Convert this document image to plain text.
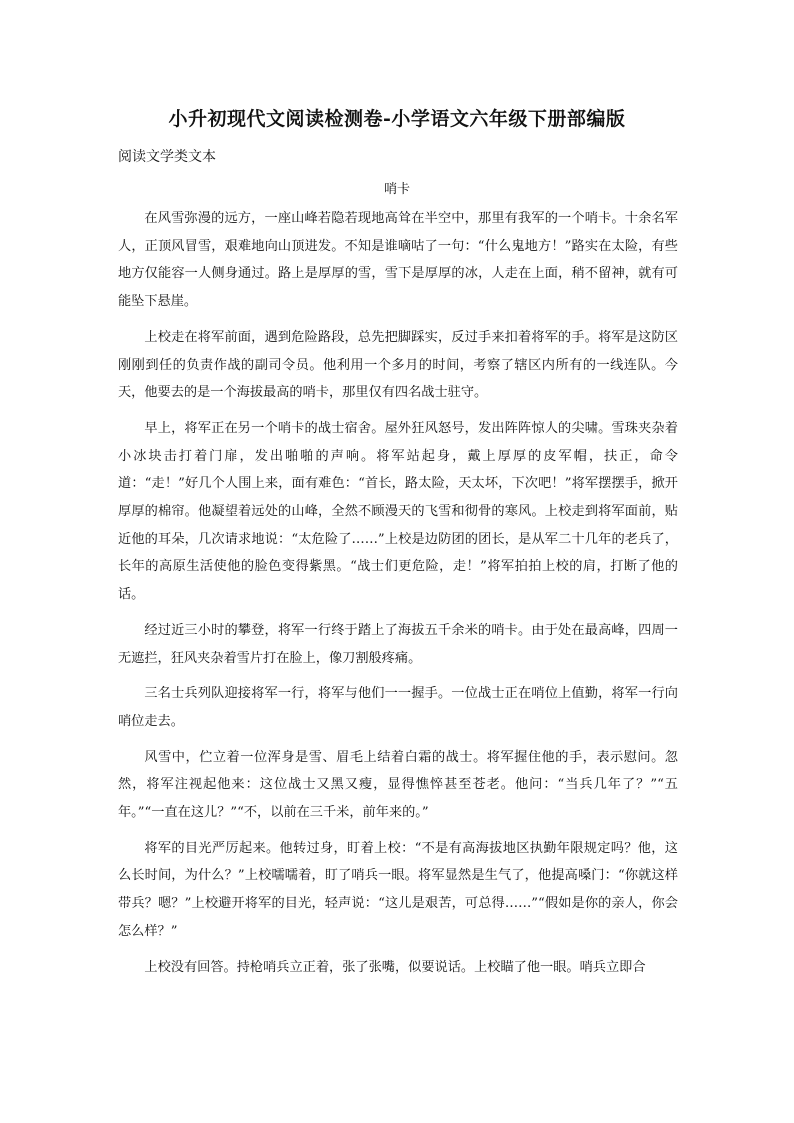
小升初现代文阅读检测卷-小学语文六年级下册部编版
阅读文学类文本
哨卡

在风雪弥漫的远方，一座山峰若隐若现地高耸在半空中，那里有我军的一个哨卡。十余名军人，正顶风冒雪，艰难地向山顶进发。不知是谁嘀咕了一句：“什么鬼地方！”路实在太险，有些地方仅能容一人侧身通过。路上是厚厚的雪，雪下是厚厚的冰，人走在上面，稍不留神，就有可能坠下悬崖。

上校走在将军前面，遇到危险路段，总先把脚踩实，反过手来扣着将军的手。将军是这防区刚刚到任的负责作战的副司令员。他利用一个多月的时间，考察了辖区内所有的一线连队。今天，他要去的是一个海拔最高的哨卡，那里仅有四名战士驻守。

早上，将军正在另一个哨卡的战士宿舍。屋外狂风怒号，发出阵阵惊人的尖啸。雪珠夹杂着小冰块击打着门扉，发出啪啪的声响。将军站起身，戴上厚厚的皮军帽，扶正，命令道：“走！”好几个人围上来，面有难色：“首长，路太险，天太坏，下次吧！”将军摆摆手，掀开厚厚的棉帘。他凝望着远处的山峰，全然不顾漫天的飞雪和彻骨的寒风。上校走到将军面前，贴近他的耳朵，几次请求地说：“太危险了……”上校是边防团的团长，是从军二十几年的老兵了，长年的高原生活使他的脸色变得紫黑。“战士们更危险，走！”将军拍拍上校的肩，打断了他的话。

经过近三小时的攀登，将军一行终于踏上了海拔五千余米的哨卡。由于处在最高峰，四周一无遮拦，狂风夹杂着雪片打在脸上，像刀割般疼痛。

三名士兵列队迎接将军一行，将军与他们一一握手。一位战士正在哨位上值勤，将军一行向哨位走去。

风雪中，伫立着一位浑身是雪、眉毛上结着白霜的战士。将军握住他的手，表示慰问。忽然，将军注视起他来：这位战士又黑又瘦，显得憔悴甚至苍老。他问：“当兵几年了？”“五年。”“一直在这儿？”“不，以前在三千米，前年来的。”

将军的目光严厉起来。他转过身，盯着上校：“不是有高海拔地区执勤年限规定吗？他，这么长时间，为什么？”上校嚅嚅着，盯了哨兵一眼。将军显然是生气了，他提高嗓门：“你就这样带兵？嗯？”上校避开将军的目光，轻声说：“这儿是艰苦，可总得……”“假如是你的亲人，你会怎么样？”

上校没有回答。持枪哨兵立正着，张了张嘴，似要说话。上校瞄了他一眼。哨兵立即合
